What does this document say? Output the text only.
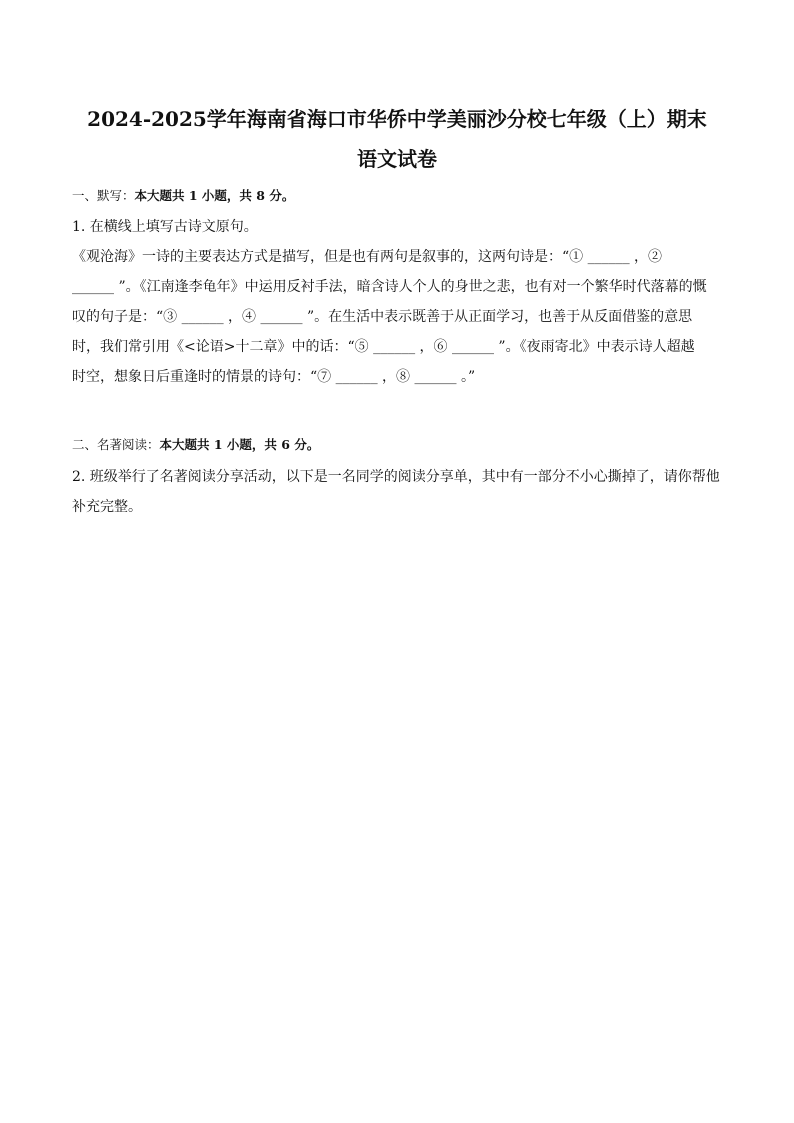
2024-2025学年海南省海口市华侨中学美丽沙分校七年级（上）期末
语文试卷
一、默写：本大题共 1 小题，共 8 分。
1. 在横线上填写古诗文原句。
《观沧海》一诗的主要表达方式是描写，但是也有两句是叙事的，这两句诗是：“① ______ ，②
______ ”。《江南逢李龟年》中运用反衬手法，暗含诗人个人的身世之悲，也有对一个繁华时代落幕的慨
叹的句子是：“③ ______ ，④ ______ ”。在生活中表示既善于从正面学习，也善于从反面借鉴的意思
时，我们常引用《<论语>十二章》中的话：“⑤ ______ ，⑥ ______ ”。《夜雨寄北》中表示诗人超越
时空，想象日后重逢时的情景的诗句：“⑦ ______ ，⑧ ______ 。”
二、名著阅读：本大题共 1 小题，共 6 分。
2. 班级举行了名著阅读分享活动，以下是一名同学的阅读分享单，其中有一部分不小心撕掉了，请你帮他
补充完整。
